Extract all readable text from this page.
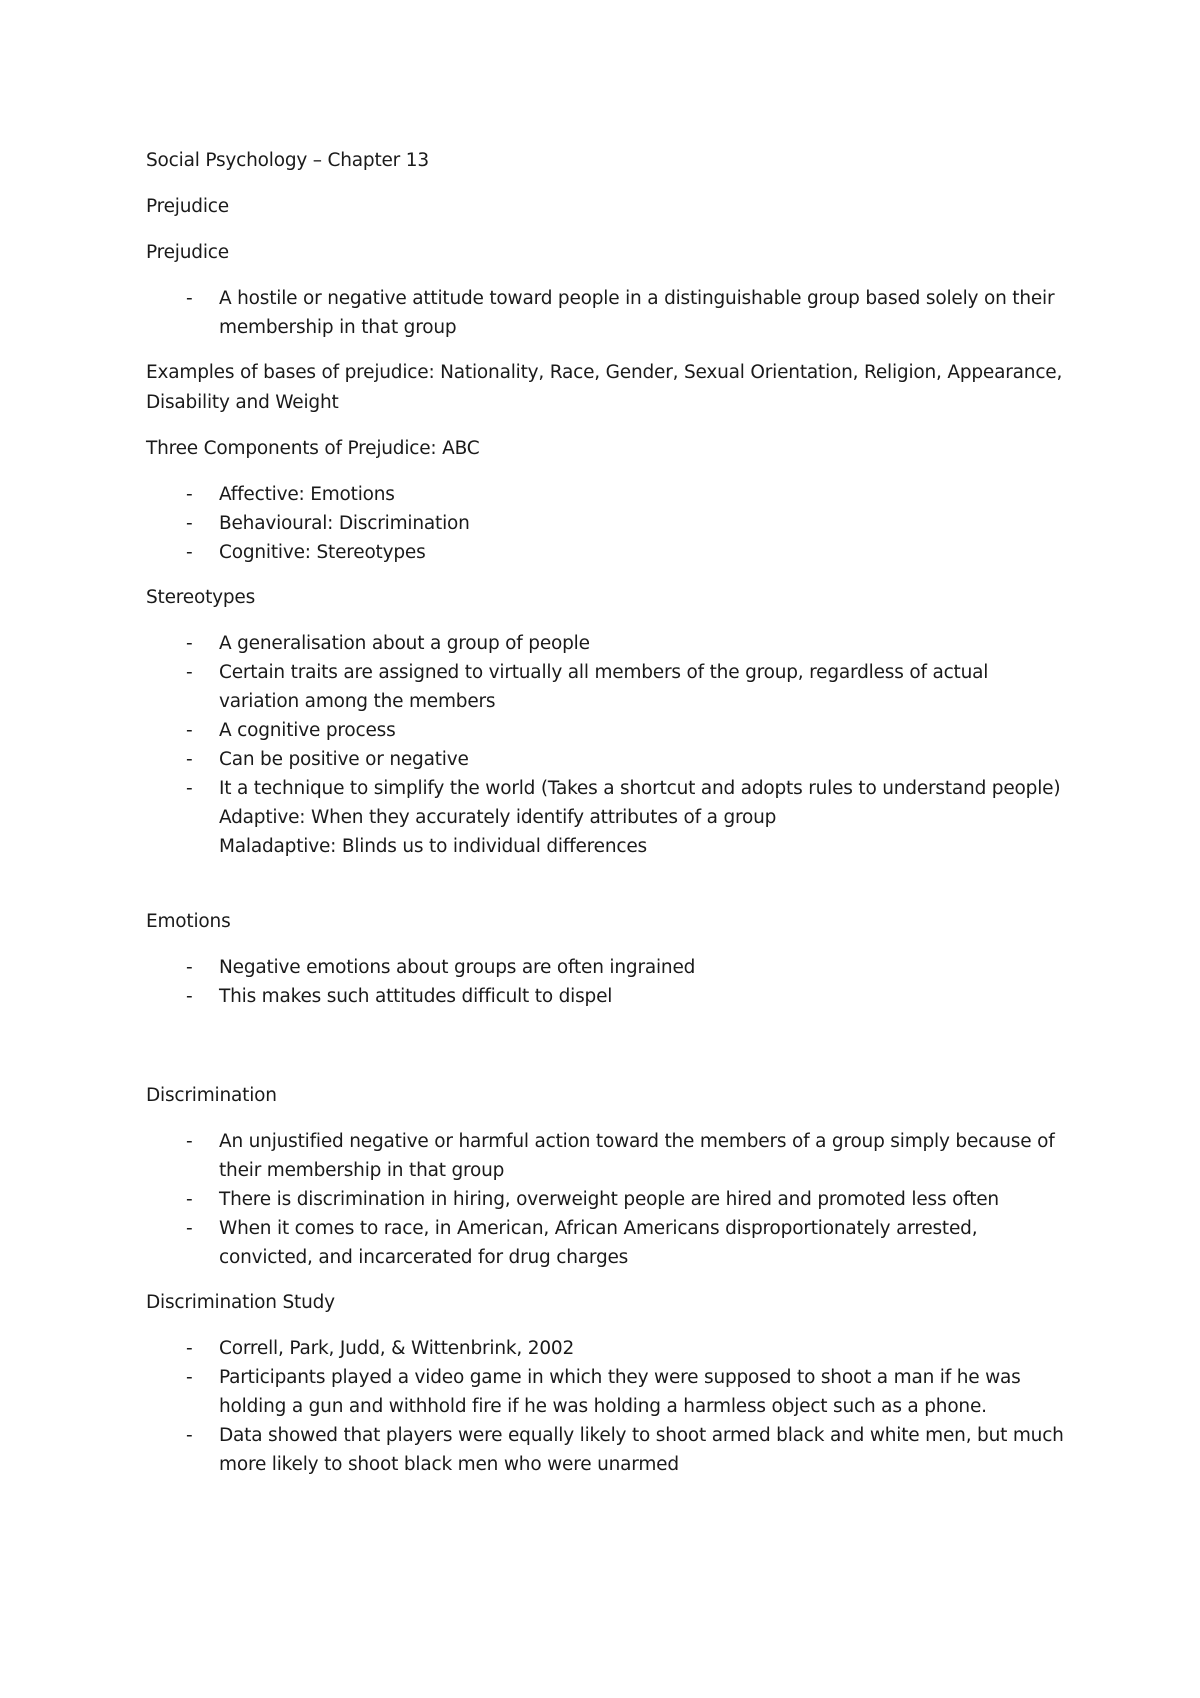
Social Psychology – Chapter 13
Prejudice
Prejudice
- A hostile or negative attitude toward people in a distinguishable group based solely on their
membership in that group
Examples of bases of prejudice: Nationality, Race, Gender, Sexual Orientation, Religion, Appearance,
Disability and Weight
Three Components of Prejudice: ABC
- Affective: Emotions
- Behavioural: Discrimination
- Cognitive: Stereotypes
Stereotypes
- A generalisation about a group of people
- Certain traits are assigned to virtually all members of the group, regardless of actual
variation among the members
- A cognitive process
- Can be positive or negative
- It a technique to simplify the world (Takes a shortcut and adopts rules to understand people)
Adaptive: When they accurately identify attributes of a group
Maladaptive: Blinds us to individual differences
Emotions
- Negative emotions about groups are often ingrained
- This makes such attitudes difficult to dispel
Discrimination
- An unjustified negative or harmful action toward the members of a group simply because of
their membership in that group
- There is discrimination in hiring, overweight people are hired and promoted less often
- When it comes to race, in American, African Americans disproportionately arrested,
convicted, and incarcerated for drug charges
Discrimination Study
- Correll, Park, Judd, & Wittenbrink, 2002
- Participants played a video game in which they were supposed to shoot a man if he was
holding a gun and withhold fire if he was holding a harmless object such as a phone.
- Data showed that players were equally likely to shoot armed black and white men, but much
more likely to shoot black men who were unarmed
